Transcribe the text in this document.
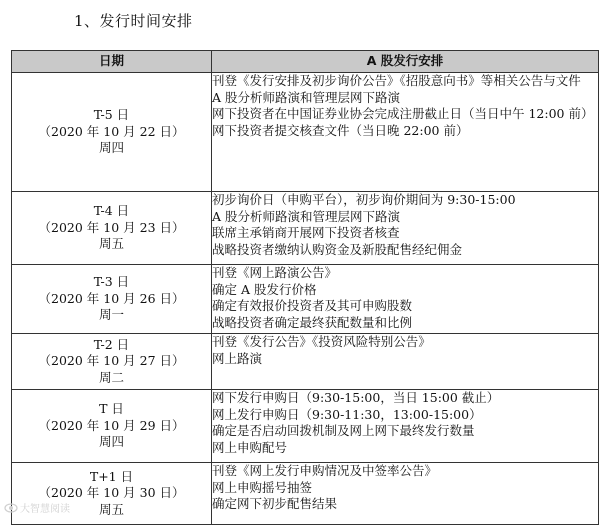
1、发行时间安排
日期	A 股发行安排

T-5 日
（2020 年 10 月 22 日）
周四	刊登《发行安排及初步询价公告》《招股意向书》等相关公告与文件
A 股分析师路演和管理层网下路演
网下投资者在中国证券业协会完成注册截止日（当日中午 12:00 前）
网下投资者提交核查文件（当日晚 22:00 前）

T-4 日
（2020 年 10 月 23 日）
周五	初步询价日（申购平台），初步询价期间为 9:30-15:00
A 股分析师路演和管理层网下路演
联席主承销商开展网下投资者核查
战略投资者缴纳认购资金及新股配售经纪佣金

T-3 日
（2020 年 10 月 26 日）
周一	刊登《网上路演公告》
确定 A 股发行价格
确定有效报价投资者及其可申购股数
战略投资者确定最终获配数量和比例

T-2 日
（2020 年 10 月 27 日）
周二	刊登《发行公告》《投资风险特别公告》
网上路演

T 日
（2020 年 10 月 29 日）
周四	网下发行申购日（9:30-15:00，当日 15:00 截止）
网上发行申购日（9:30-11:30，13:00-15:00）
确定是否启动回拨机制及网上网下最终发行数量
网上申购配号

T+1 日
（2020 年 10 月 30 日）
周五	刊登《网上发行申购情况及中签率公告》
网上申购摇号抽签
确定网下初步配售结果
大智慧阅读
